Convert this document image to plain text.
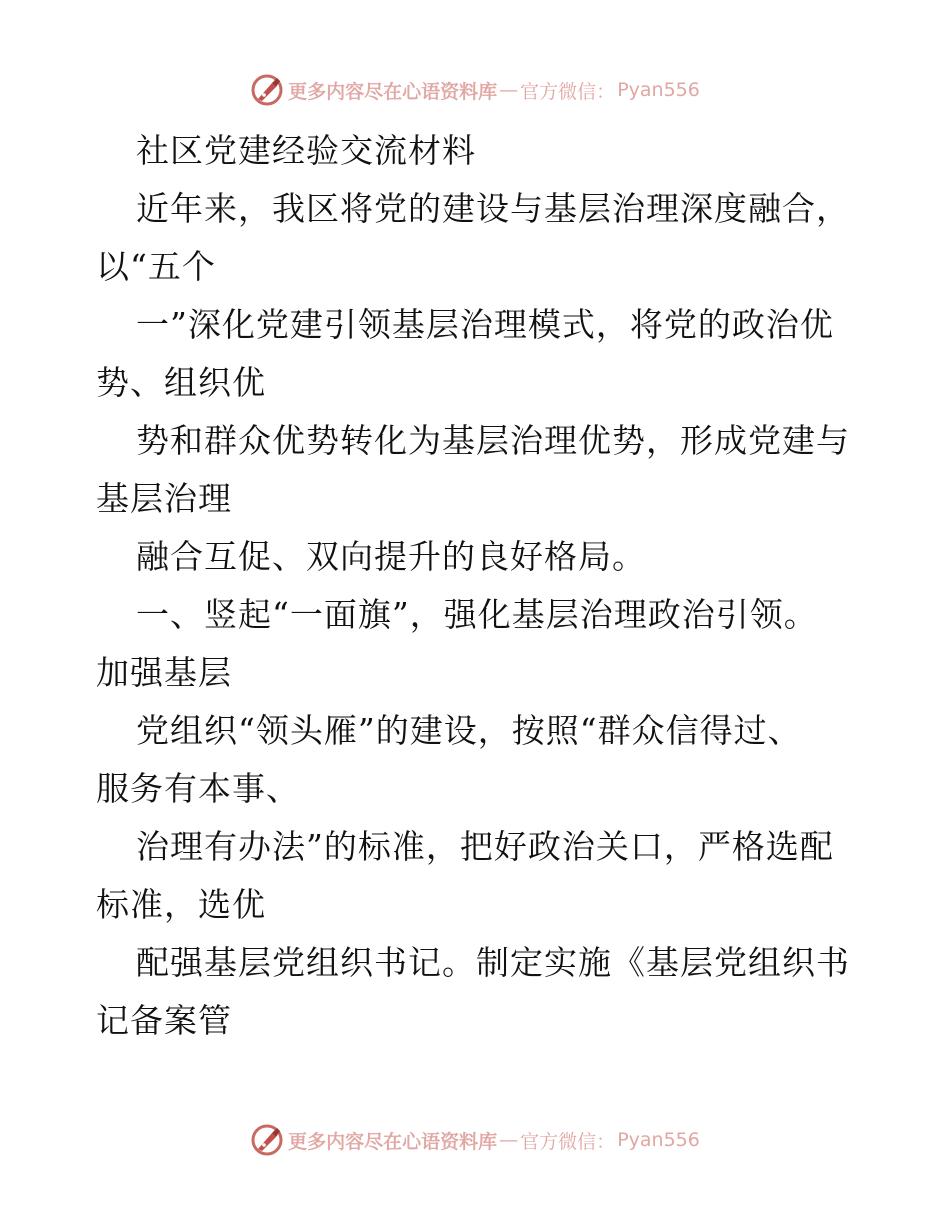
更多内容尽在心语资料库 — 官方微信： Pyan556
社区党建经验交流材料
近年来，我区将党的建设与基层治理深度融合，
以“五个
一”深化党建引领基层治理模式，将党的政治优
势、组织优
势和群众优势转化为基层治理优势，形成党建与
基层治理
融合互促、双向提升的良好格局。
一、竖起“一面旗”，强化基层治理政治引领。
加强基层
党组织“领头雁”的建设，按照“群众信得过、
服务有本事、
治理有办法”的标准，把好政治关口，严格选配
标准，选优
配强基层党组织书记。制定实施《基层党组织书
记备案管
更多内容尽在心语资料库 — 官方微信： Pyan556
